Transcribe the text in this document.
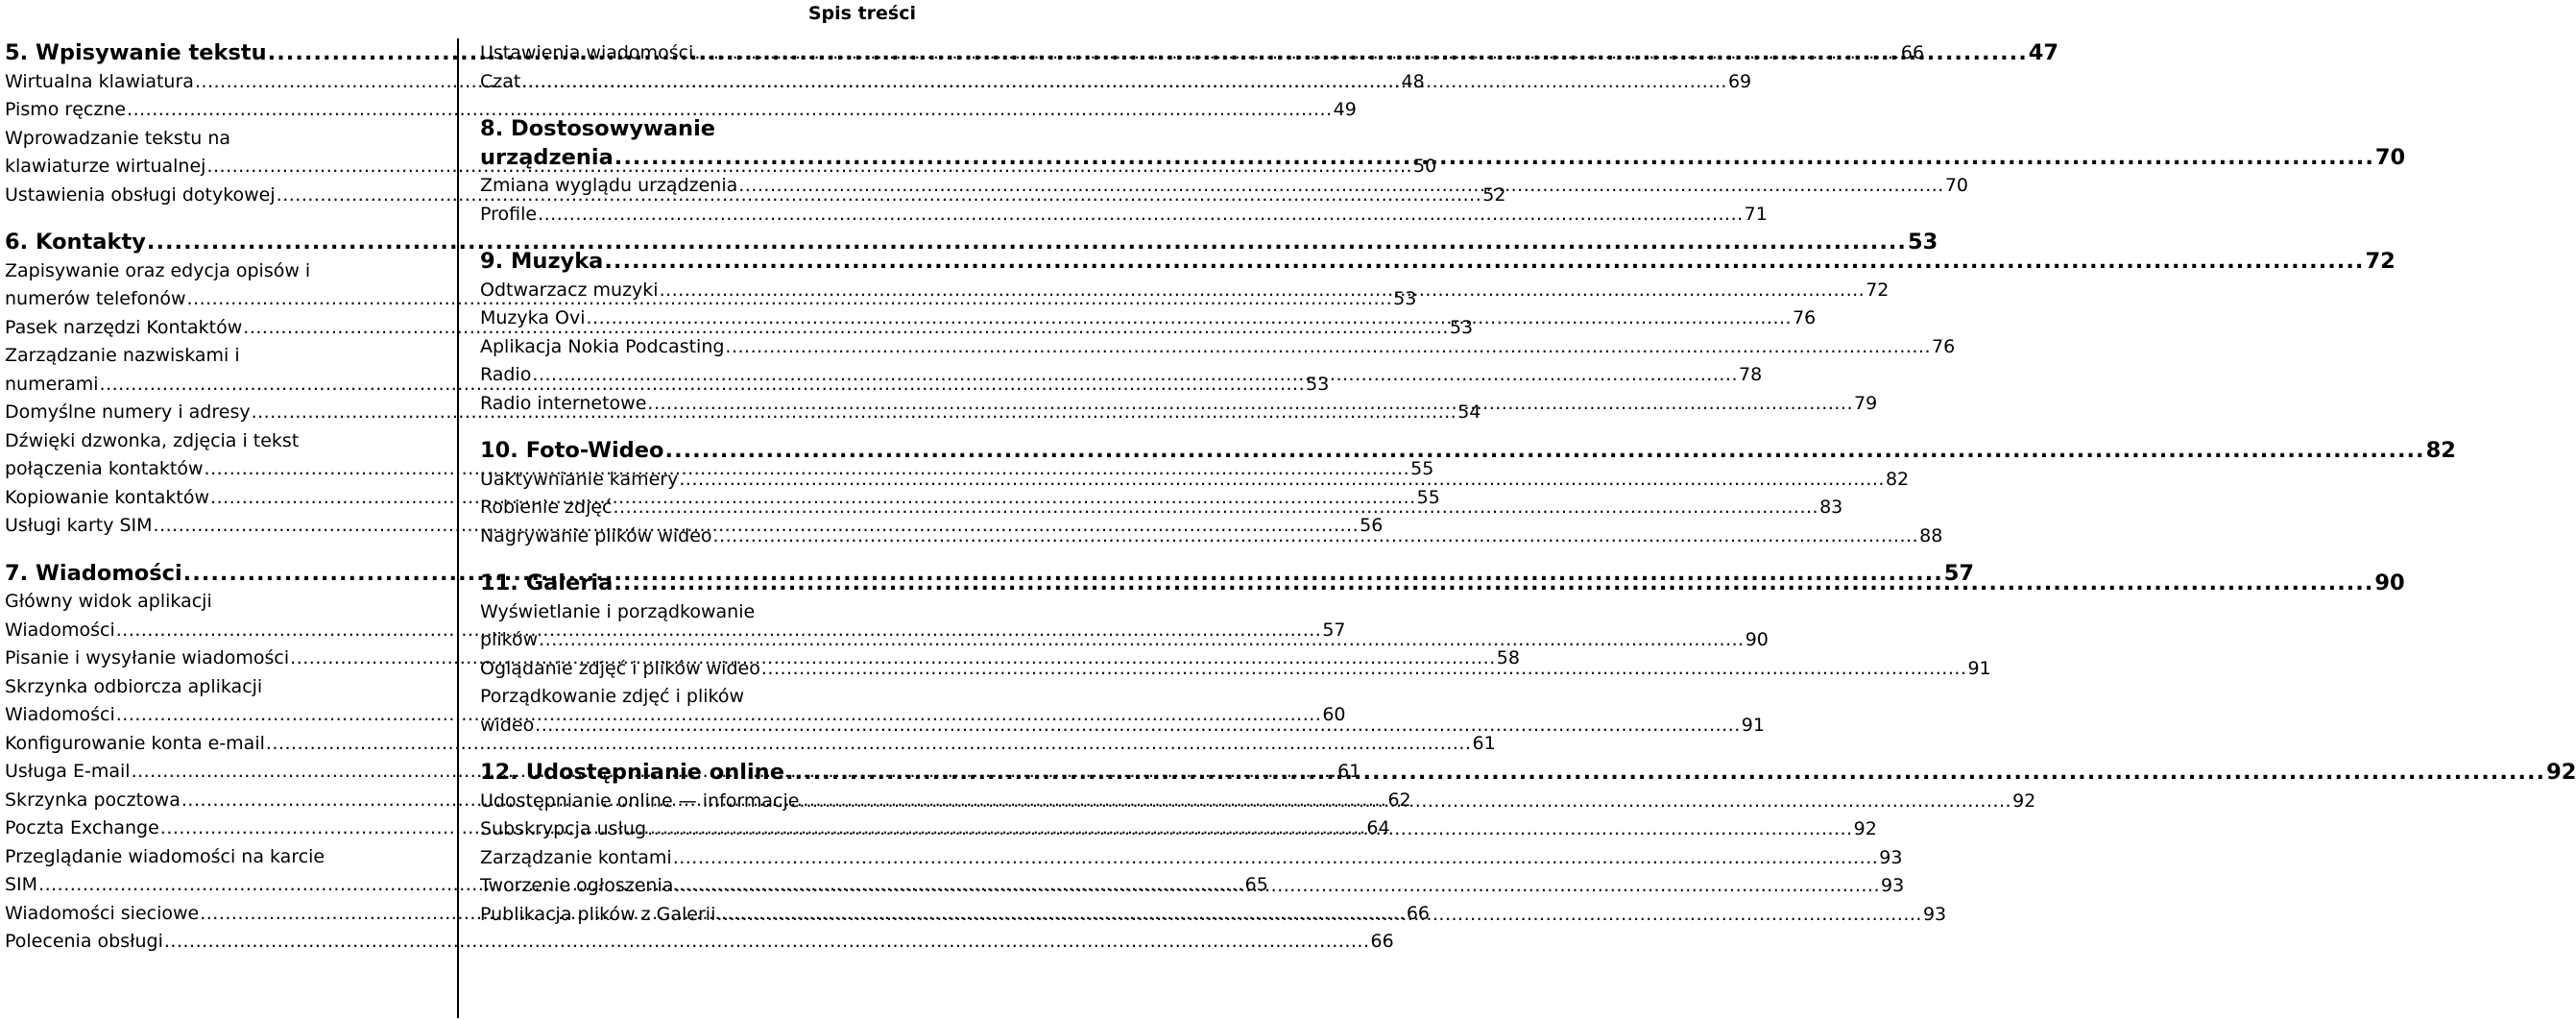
Spis treści
5. Wpisywanie tekstu .....	47
Wirtualna klawiatura .....	48
Pismo ręczne .....	49
Wprowadzanie tekstu na
klawiaturze wirtualnej .....	50
Ustawienia obsługi dotykowej .....	52
6. Kontakty .....	53
Zapisywanie oraz edycja opisów i
numerów telefonów .....	53
Pasek narzędzi Kontaktów .....	53
Zarządzanie nazwiskami i
numerami .....	53
Domyślne numery i adresy .....	54
Dźwięki dzwonka, zdjęcia i tekst
połączenia kontaktów .....	55
Kopiowanie kontaktów .....	55
Usługi karty SIM .....	56
7. Wiadomości .....	57
Główny widok aplikacji
Wiadomości .....	57
Pisanie i wysyłanie wiadomości .....	58
Skrzynka odbiorcza aplikacji
Wiadomości .....	60
Konfigurowanie konta e-mail .....	61
Usługa E-mail .....	61
Skrzynka pocztowa .....	62
Poczta Exchange .....	64
Przeglądanie wiadomości na karcie
SIM .....	65
Wiadomości sieciowe .....	66
Polecenia obsługi .....	66
Ustawienia wiadomości .....	66
Czat .....	69
8. Dostosowywanie
urządzenia .....	70
Zmiana wyglądu urządzenia .....	70
Profile .....	71
9. Muzyka .....	72
Odtwarzacz muzyki .....	72
Muzyka Ovi .....	76
Aplikacja Nokia Podcasting .....	76
Radio .....	78
Radio internetowe .....	79
10. Foto-Wideo .....	82
Uaktywnianie kamery .....	82
Robienie zdjęć .....	83
Nagrywanie plików wideo .....	88
11. Galeria .....	90
Wyświetlanie i porządkowanie
plików .....	90
Oglądanie zdjęć i plików wideo .....	91
Porządkowanie zdjęć i plików
wideo .....	91
12. Udostępnianie online .....	92
Udostępnianie online — informacje. .....	92
Subskrypcja usług .....	92
Zarządzanie kontami .....	93
Tworzenie ogłoszenia .....	93
Publikacja plików z Galerii .....	93
